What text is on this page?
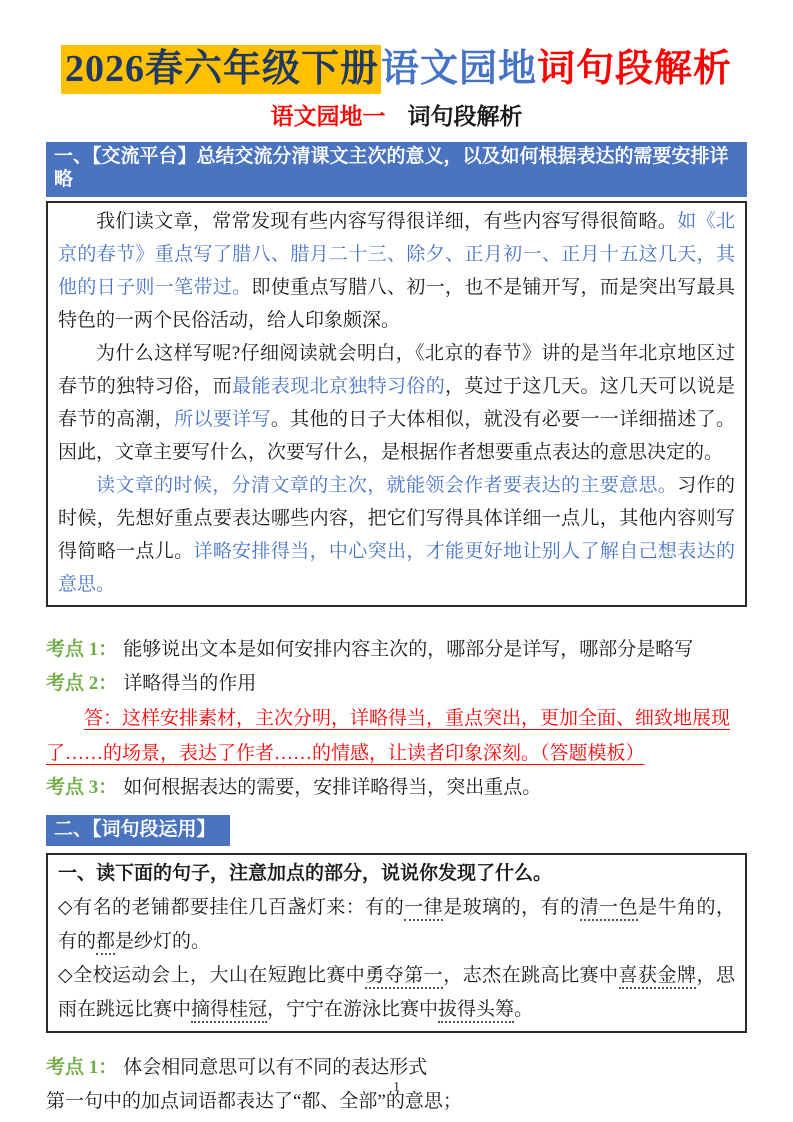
2026春六年级下册语文园地词句段解析
语文园地一 词句段解析
一、【交流平台】总结交流分清课文主次的意义，以及如何根据表达的需要安排详略

我们读文章，常常发现有些内容写得很详细，有些内容写得很简略。如《北京的春节》重点写了腊八、腊月二十三、除夕、正月初一、正月十五这几天，其他的日子则一笔带过。即使重点写腊八、初一，也不是铺开写，而是突出写最具特色的一两个民俗活动，给人印象颇深。

为什么这样写呢?仔细阅读就会明白，《北京的春节》讲的是当年北京地区过春节的独特习俗，而最能表现北京独特习俗的，莫过于这几天。这几天可以说是春节的高潮，所以要详写。其他的日子大体相似，就没有必要一一详细描述了。因此，文章主要写什么，次要写什么，是根据作者想要重点表达的意思决定的。

读文章的时候，分清文章的主次，就能领会作者要表达的主要意思。习作的时候，先想好重点要表达哪些内容，把它们写得具体详细一点儿，其他内容则写得简略一点儿。详略安排得当，中心突出，才能更好地让别人了解自己想表达的意思。

考点 1： 能够说出文本是如何安排内容主次的，哪部分是详写，哪部分是略写

考点 2： 详略得当的作用

答：这样安排素材，主次分明，详略得当，重点突出，更加全面、细致地展现了……的场景，表达了作者……的情感，让读者印象深刻。（答题模板）

考点 3： 如何根据表达的需要，安排详略得当，突出重点。

二、【词句段运用】

一、读下面的句子，注意加点的部分，说说你发现了什么。

◇有名的老铺都要挂住几百盏灯来：有的一律是玻璃的，有的清一色是牛角的，有的都是纱灯的。

◇全校运动会上，大山在短跑比赛中勇夺第一，志杰在跳高比赛中喜获金牌，思雨在跳远比赛中摘得桂冠，宁宁在游泳比赛中拔得头筹。

考点 1： 体会相同意思可以有不同的表达形式

第一句中的加点词语都表达了“都、全部”的意思；

1
